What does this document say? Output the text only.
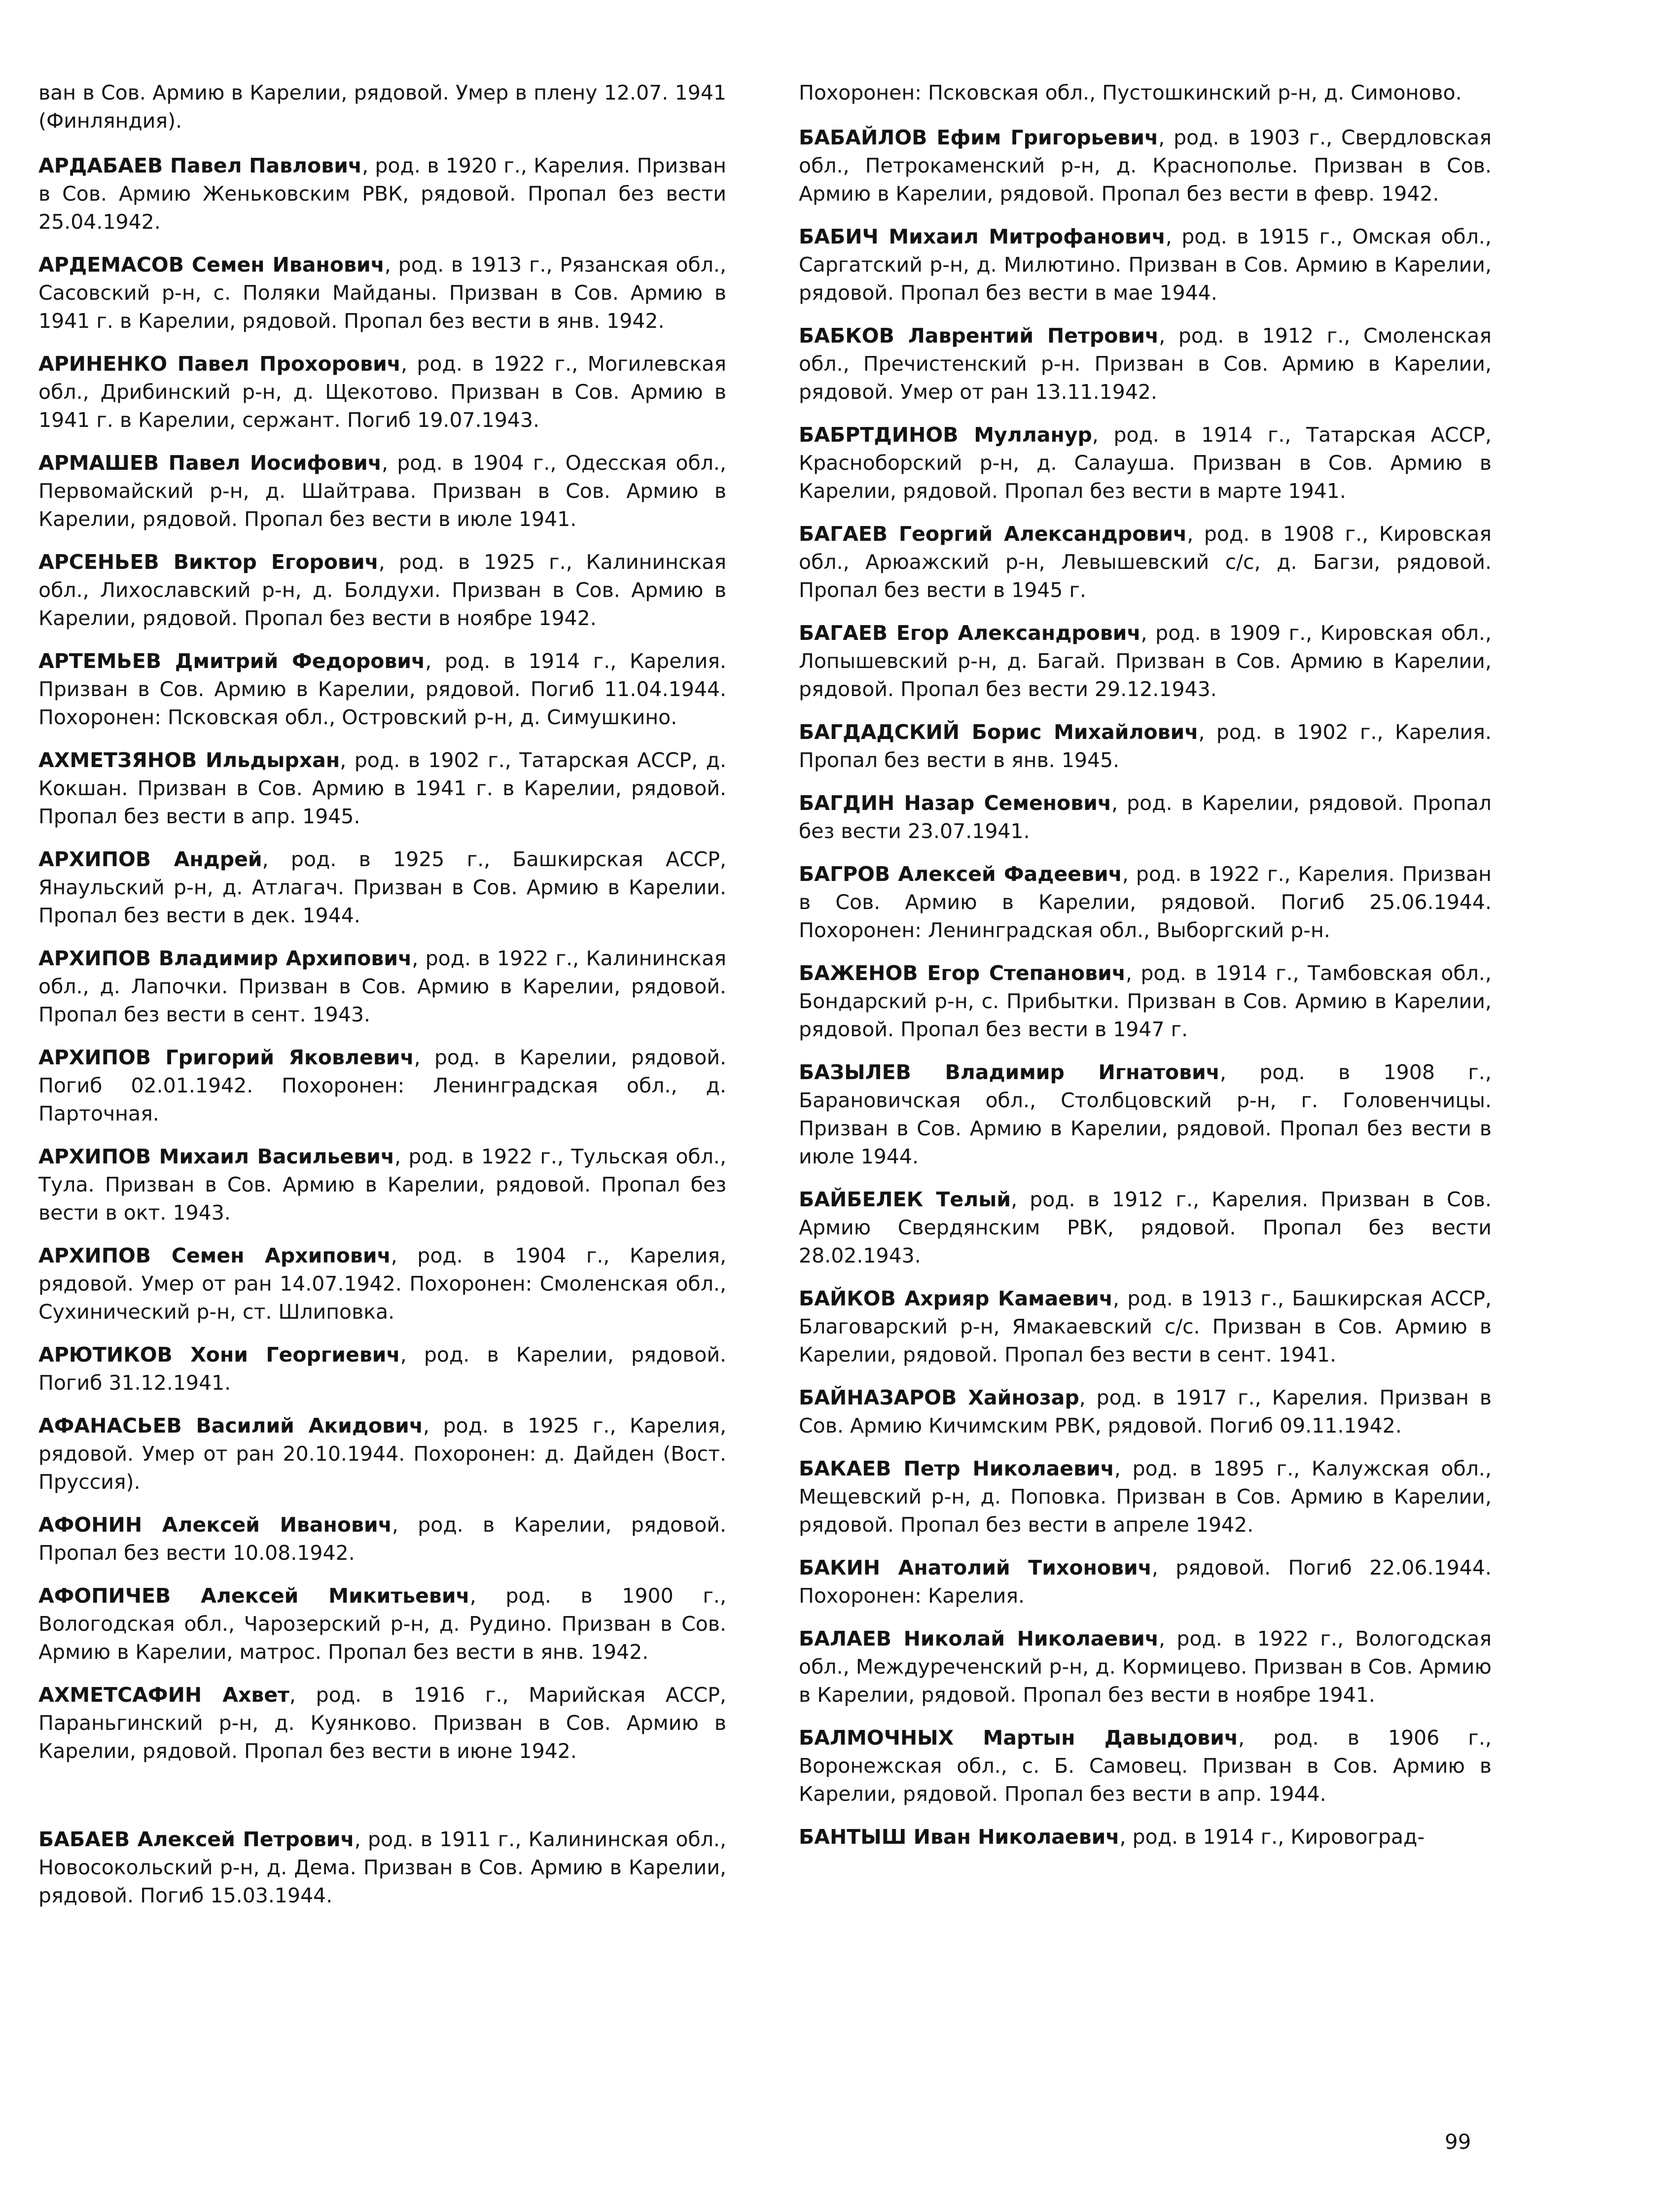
ван в Сов. Армию в Карелии, рядовой. Умер в плену 12.07. 1941 (Финляндия).

АРДАБАЕВ Павел Павлович, род. в 1920 г., Карелия. Призван в Сов. Армию Женьковским РВК, рядовой. Пропал без вести 25.04.1942.

АРДЕМАСОВ Семен Иванович, род. в 1913 г., Рязанская обл., Сасовский р-н, с. Поляки Майданы. Призван в Сов. Армию в 1941 г. в Карелии, рядовой. Пропал без вести в янв. 1942.

АРИНЕНКО Павел Прохорович, род. в 1922 г., Могилевская обл., Дрибинский р-н, д. Щекотово. Призван в Сов. Армию в 1941 г. в Карелии, сержант. Погиб 19.07.1943.

АРМАШЕВ Павел Иосифович, род. в 1904 г., Одесская обл., Первомайский р-н, д. Шайтрава. Призван в Сов. Армию в Карелии, рядовой. Пропал без вести в июле 1941.

АРСЕНЬЕВ Виктор Егорович, род. в 1925 г., Калининская обл., Лихославский р-н, д. Болдухи. Призван в Сов. Армию в Карелии, рядовой. Пропал без вести в ноябре 1942.

АРТЕМЬЕВ Дмитрий Федорович, род. в 1914 г., Карелия. Призван в Сов. Армию в Карелии, рядовой. Погиб 11.04.1944. Похоронен: Псковская обл., Островский р-н, д. Симушкино.

АХМЕТЗЯНОВ Ильдырхан, род. в 1902 г., Татарская АССР, д. Кокшан. Призван в Сов. Армию в 1941 г. в Карелии, рядовой. Пропал без вести в апр. 1945.

АРХИПОВ Андрей, род. в 1925 г., Башкирская АССР, Янаульский р-н, д. Атлагач. Призван в Сов. Армию в Карелии. Пропал без вести в дек. 1944.

АРХИПОВ Владимир Архипович, род. в 1922 г., Калининская обл., д. Лапочки. Призван в Сов. Армию в Карелии, рядовой. Пропал без вести в сент. 1943.

АРХИПОВ Григорий Яковлевич, род. в Карелии, рядовой. Погиб 02.01.1942. Похоронен: Ленинградская обл., д. Парточная.

АРХИПОВ Михаил Васильевич, род. в 1922 г., Тульская обл., Тула. Призван в Сов. Армию в Карелии, рядовой. Пропал без вести в окт. 1943.

АРХИПОВ Семен Архипович, род. в 1904 г., Карелия, рядовой. Умер от ран 14.07.1942. Похоронен: Смоленская обл., Сухинический р-н, ст. Шлиповка.

АРЮТИКОВ Хони Георгиевич, род. в Карелии, рядовой. Погиб 31.12.1941.

АФАНАСЬЕВ Василий Акидович, род. в 1925 г., Карелия, рядовой. Умер от ран 20.10.1944. Похоронен: д. Дайден (Вост. Пруссия).

АФОНИН Алексей Иванович, род. в Карелии, рядовой. Пропал без вести 10.08.1942.

АФОПИЧЕВ Алексей Микитьевич, род. в 1900 г., Вологодская обл., Чарозерский р-н, д. Рудино. Призван в Сов. Армию в Карелии, матрос. Пропал без вести в янв. 1942.

АХМЕТСАФИН Ахвет, род. в 1916 г., Марийская АССР, Параньгинский р-н, д. Куянково. Призван в Сов. Армию в Карелии, рядовой. Пропал без вести в июне 1942.

БАБАЕВ Алексей Петрович, род. в 1911 г., Калининская обл., Новосокольский р-н, д. Дема. Призван в Сов. Армию в Карелии, рядовой. Погиб 15.03.1944.

Похоронен: Псковская обл., Пустошкинский р-н, д. Симоново.

БАБАЙЛОВ Ефим Григорьевич, род. в 1903 г., Свердловская обл., Петрокаменский р-н, д. Краснополье. Призван в Сов. Армию в Карелии, рядовой. Пропал без вести в февр. 1942.

БАБИЧ Михаил Митрофанович, род. в 1915 г., Омская обл., Саргатский р-н, д. Милютино. Призван в Сов. Армию в Карелии, рядовой. Пропал без вести в мае 1944.

БАБКОВ Лаврентий Петрович, род. в 1912 г., Смоленская обл., Пречистенский р-н. Призван в Сов. Армию в Карелии, рядовой. Умер от ран 13.11.1942.

БАБРТДИНОВ Муллануp, род. в 1914 г., Татарская АССР, Красноборский р-н, д. Салауша. Призван в Сов. Армию в Карелии, рядовой. Пропал без вести в марте 1941.

БАГАЕВ Георгий Александрович, род. в 1908 г., Кировская обл., Арюажский р-н, Левышевский с/с, д. Багзи, рядовой. Пропал без вести в 1945 г.

БАГАЕВ Егор Александрович, род. в 1909 г., Кировская обл., Лопышевский р-н, д. Багай. Призван в Сов. Армию в Карелии, рядовой. Пропал без вести 29.12.1943.

БАГДАДСКИЙ Борис Михайлович, род. в 1902 г., Карелия. Пропал без вести в янв. 1945.

БАГДИН Назар Семенович, род. в Карелии, рядовой. Пропал без вести 23.07.1941.

БАГРОВ Алексей Фадеевич, род. в 1922 г., Карелия. Призван в Сов. Армию в Карелии, рядовой. Погиб 25.06.1944. Похоронен: Ленинградская обл., Выборгский р-н.

БАЖЕНОВ Егор Степанович, род. в 1914 г., Тамбовская обл., Бондарский р-н, с. Прибытки. Призван в Сов. Армию в Карелии, рядовой. Пропал без вести в 1947 г.

БАЗЫЛЕВ Владимир Игнатович, род. в 1908 г., Барановичская обл., Столбцовский р-н, г. Головенчицы. Призван в Сов. Армию в Карелии, рядовой. Пропал без вести в июле 1944.

БАЙБЕЛЕК Телый, род. в 1912 г., Карелия. Призван в Сов. Армию Свердянским РВК, рядовой. Пропал без вести 28.02.1943.

БАЙКОВ Ахрияр Камаевич, род. в 1913 г., Башкирская АССР, Благоварский р-н, Ямакаевский с/с. Призван в Сов. Армию в Карелии, рядовой. Пропал без вести в сент. 1941.

БАЙНАЗАРОВ Хайнозар, род. в 1917 г., Карелия. Призван в Сов. Армию Кичимским РВК, рядовой. Погиб 09.11.1942.

БАКАЕВ Петр Николаевич, род. в 1895 г., Калужская обл., Мещевский р-н, д. Поповка. Призван в Сов. Армию в Карелии, рядовой. Пропал без вести в апреле 1942.

БАКИН Анатолий Тихонович, рядовой. Погиб 22.06.1944. Похоронен: Карелия.

БАЛАЕВ Николай Николаевич, род. в 1922 г., Вологодская обл., Междуреченский р-н, д. Кормицево. Призван в Сов. Армию в Карелии, рядовой. Пропал без вести в ноябре 1941.

БАЛМОЧНЫХ Мартын Давыдович, род. в 1906 г., Воронежская обл., с. Б. Самовец. Призван в Сов. Армию в Карелии, рядовой. Пропал без вести в апр. 1944.

БАНТЫШ Иван Николаевич, род. в 1914 г., Кировоград-

99
